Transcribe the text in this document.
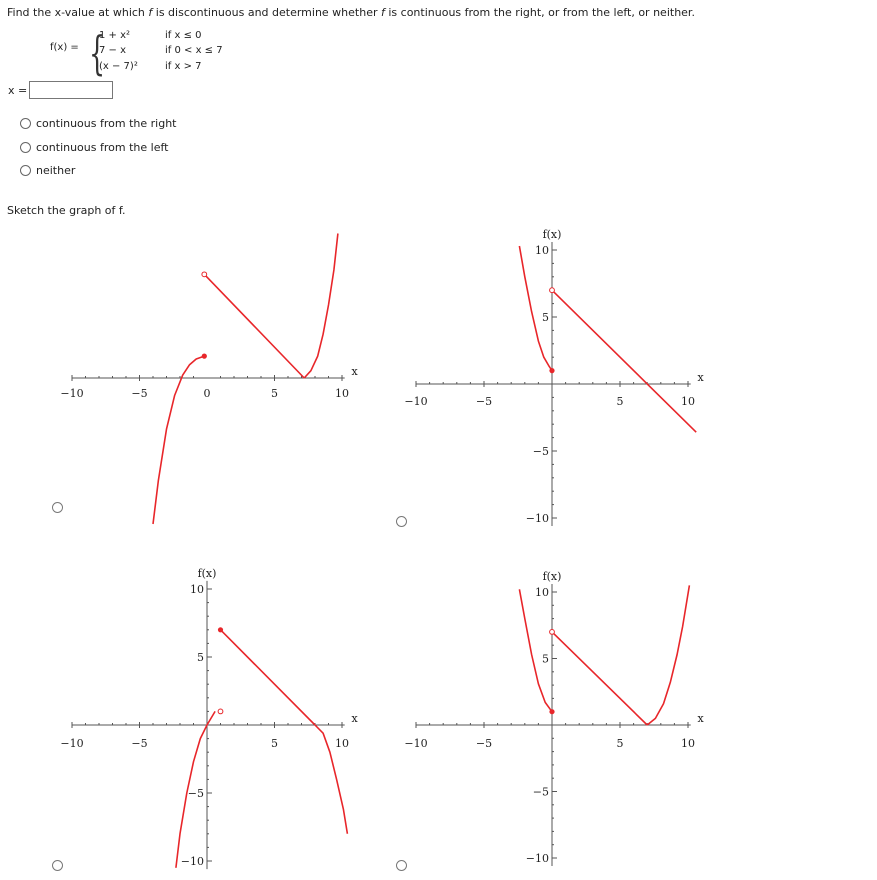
Find the x-value at which f is discontinuous and determine whether f is continuous from the right, or from the left, or neither.
f(x) = {
1 + x²	if x ≤ 0
7 − x	if 0 < x ≤ 7
(x − 7)²	if x > 7
x =
continuous from the right
continuous from the left
neither
Sketch the graph of f.
x
−10	−5	0	5	10
x
−10	−5	5	10
10
5
−5
−10
f(x)
x
−10	−5	5	10
10
5
−5
−10
f(x)
x
−10	−5	5	10
10
5
−5
−10
f(x)
